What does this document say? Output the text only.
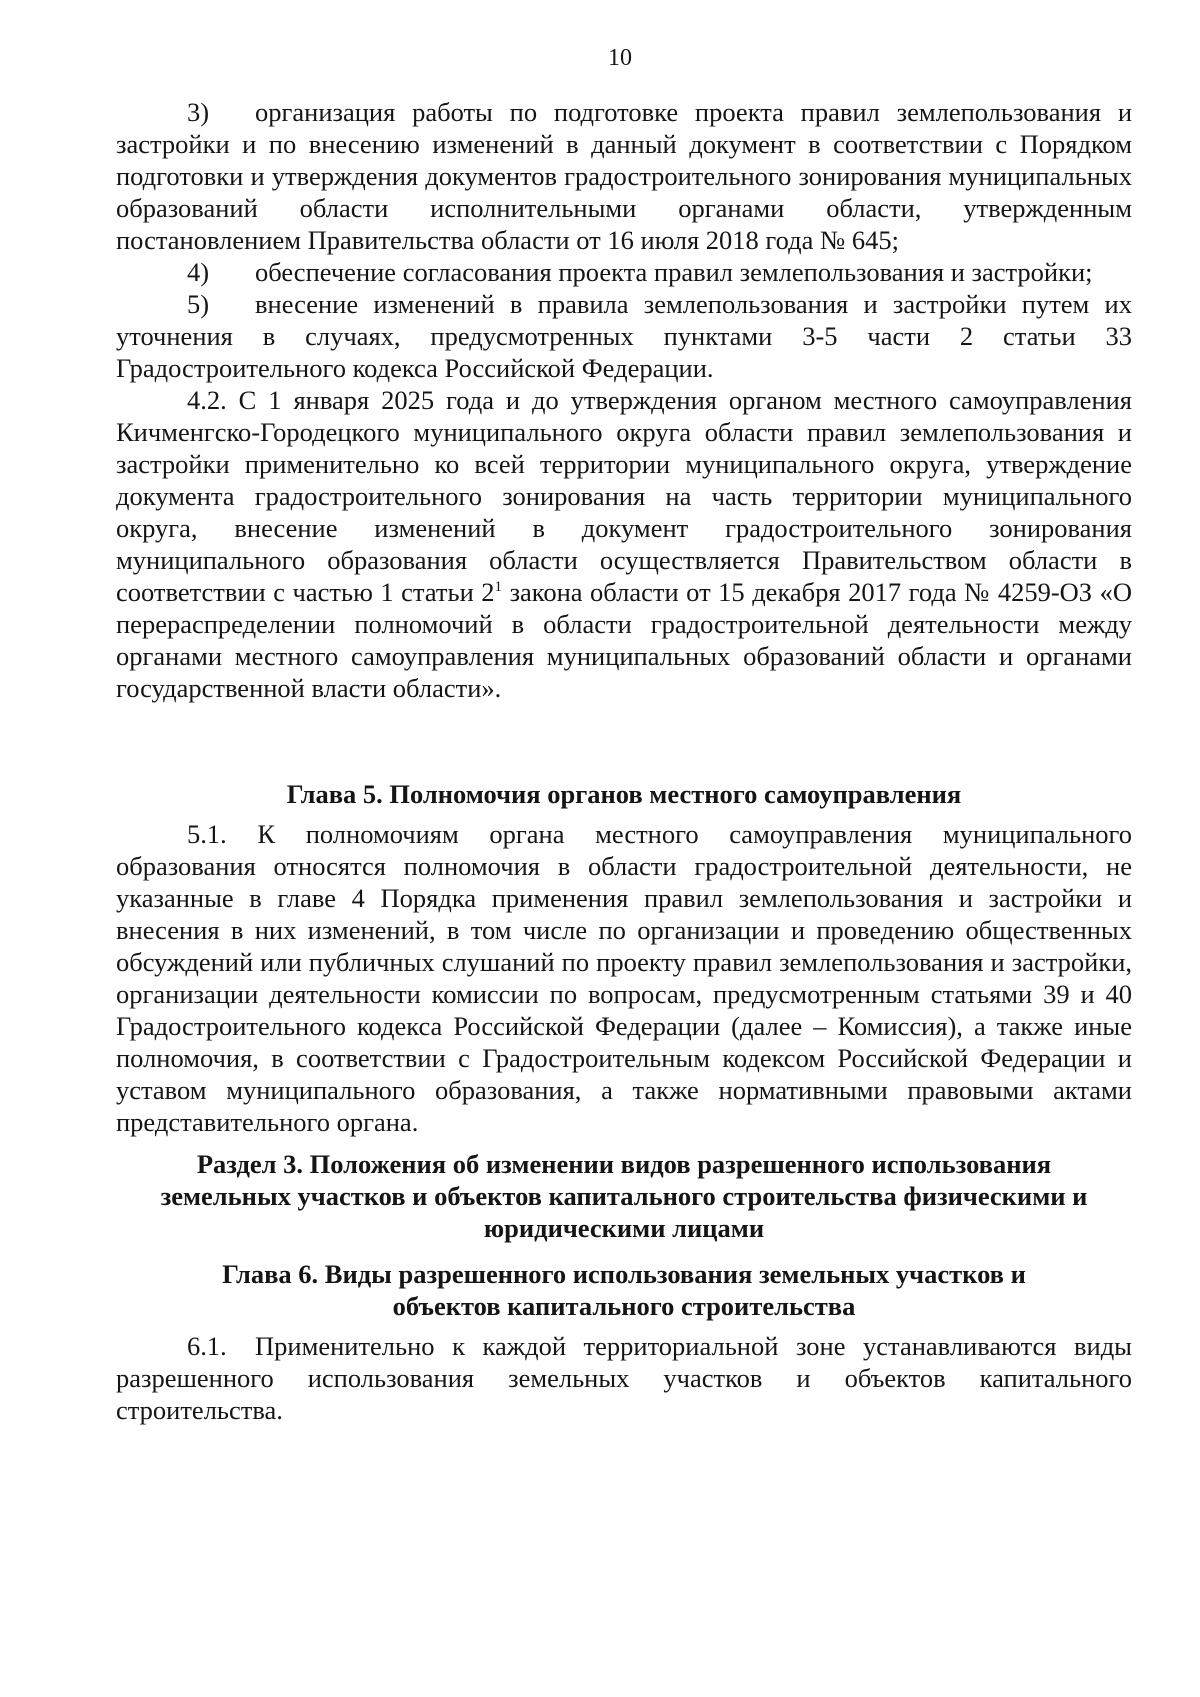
10

3) организация работы по подготовке проекта правил землепользования и застройки и по внесению изменений в данный документ в соответствии с Порядком подготовки и утверждения документов градостроительного зонирования муниципальных образований области исполнительными органами области, утвержденным постановлением Правительства области от 16 июля 2018 года № 645;

4) обеспечение согласования проекта правил землепользования и застройки;

5) внесение изменений в правила землепользования и застройки путем их уточнения в случаях, предусмотренных пунктами 3-5 части 2 статьи 33 Градостроительного кодекса Российской Федерации.

4.2. С 1 января 2025 года и до утверждения органом местного самоуправления Кичменгско-Городецкого муниципального округа области правил землепользования и застройки применительно ко всей территории муниципального округа, утверждение документа градостроительного зонирования на часть территории муниципального округа, внесение изменений в документ градостроительного зонирования муниципального образования области осуществляется Правительством области в соответствии с частью 1 статьи $2^1$ закона области от 15 декабря 2017 года № 4259-ОЗ «О перераспределении полномочий в области градостроительной деятельности между органами местного самоуправления муниципальных образований области и органами государственной власти области».

Глава 5. Полномочия органов местного самоуправления

5.1. К полномочиям органа местного самоуправления муниципального образования относятся полномочия в области градостроительной деятельности, не указанные в главе 4 Порядка применения правил землепользования и застройки и внесения в них изменений, в том числе по организации и проведению общественных обсуждений или публичных слушаний по проекту правил землепользования и застройки, организации деятельности комиссии по вопросам, предусмотренным статьями 39 и 40 Градостроительного кодекса Российской Федерации (далее – Комиссия), а также иные полномочия, в соответствии с Градостроительным кодексом Российской Федерации и уставом муниципального образования, а также нормативными правовыми актами представительного органа.

Раздел 3. Положения об изменении видов разрешенного использования
земельных участков и объектов капитального строительства физическими и
юридическими лицами
Глава 6. Виды разрешенного использования земельных участков и
объектов капитального строительства

6.1. Применительно к каждой территориальной зоне устанавливаются виды разрешенного использования земельных участков и объектов капитального строительства.
